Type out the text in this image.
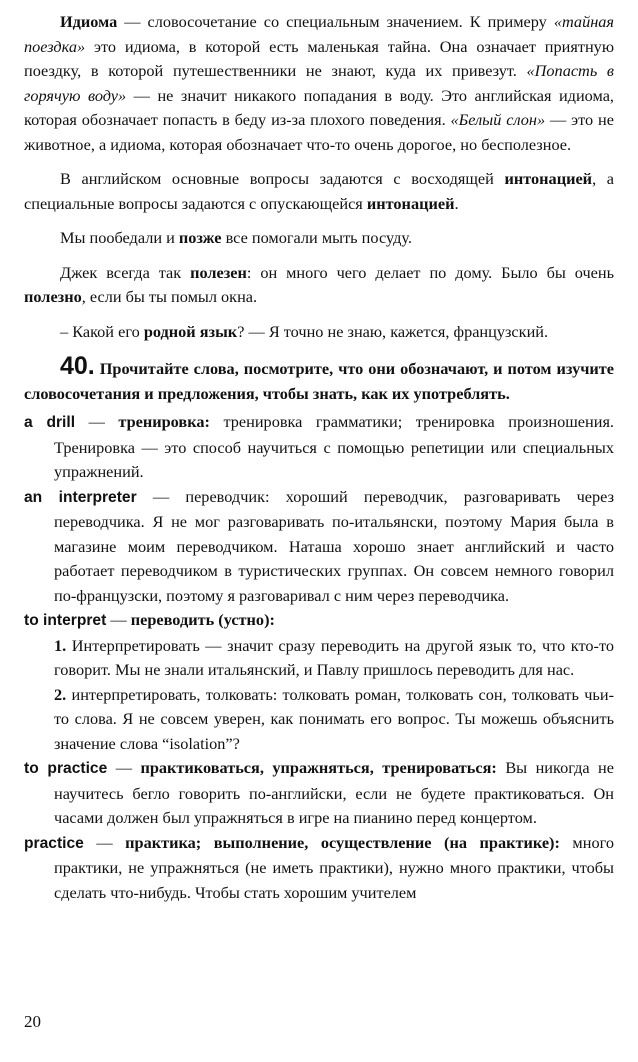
Идиома — словосочетание со специальным значением. К примеру «тайная поездка» это идиома, в которой есть маленькая тайна. Она означает приятную поездку, в которой путешественники не знают, куда их привезут. «Попасть в горячую воду» — не значит никакого попадания в воду. Это английская идиома, которая обозначает попасть в беду из-за плохого поведения. «Белый слон» — это не животное, а идиома, которая обозначает что-то очень дорогое, но бесполезное.

В английском основные вопросы задаются с восходящей интонацией, а специальные вопросы задаются с опускающейся интонацией.

Мы пообедали и позже все помогали мыть посуду.

Джек всегда так полезен: он много чего делает по дому. Было бы очень полезно, если бы ты помыл окна.

– Какой его родной язык? — Я точно не знаю, кажется, французский.

40. Прочитайте слова, посмотрите, что они обозначают, и потом изучите словосочетания и предложения, чтобы знать, как их употреблять.

a drill — тренировка: тренировка грамматики; тренировка произношения. Тренировка — это способ научиться с помощью репетиции или специальных упражнений.

an interpreter — переводчик: хороший переводчик, разговаривать через переводчика. Я не мог разговаривать по-итальянски, поэтому Мария была в магазине моим переводчиком. Наташа хорошо знает английский и часто работает переводчиком в туристических группах. Он совсем немного говорил по-французски, поэтому я разговаривал с ним через переводчика.

to interpret — переводить (устно):

1. Интерпретировать — значит сразу переводить на другой язык то, что кто-то говорит. Мы не знали итальянский, и Павлу пришлось переводить для нас.

2. интерпретировать, толковать: толковать роман, толковать сон, толковать чьи-то слова. Я не совсем уверен, как понимать его вопрос. Ты можешь объяснить значение слова “isolation”?

to practice — практиковаться, упражняться, тренироваться: Вы никогда не научитесь бегло говорить по-английски, если не будете практиковаться. Он часами должен был упражняться в игре на пианино перед концертом.

practice — практика; выполнение, осуществление (на практике): много практики, не упражняться (не иметь практики), нужно много практики, чтобы сделать что-нибудь. Чтобы стать хорошим учителем

20
